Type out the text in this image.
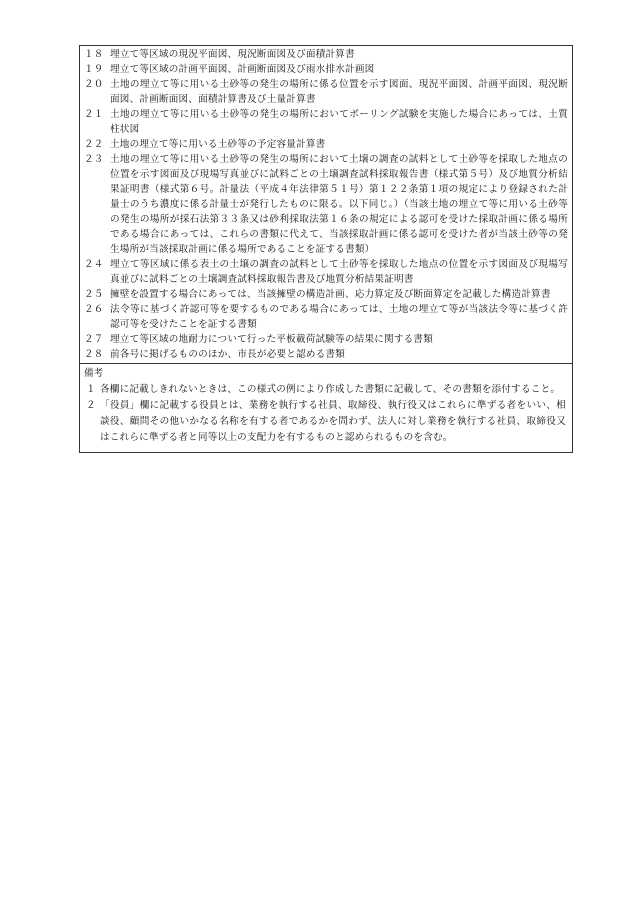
１８ 埋立て等区域の現況平面図、現況断面図及び面積計算書
１９ 埋立て等区域の計画平面図、計画断面図及び雨水排水計画図
２０ 土地の埋立て等に用いる土砂等の発生の場所に係る位置を示す図面、現況平面図、計画平面図、現況断面図、計画断面図、面積計算書及び土量計算書
２１ 土地の埋立て等に用いる土砂等の発生の場所においてボーリング試験を実施した場合にあっては、土質柱状図
２２ 土地の埋立て等に用いる土砂等の予定容量計算書
２３ 土地の埋立て等に用いる土砂等の発生の場所において土壌の調査の試料として土砂等を採取した地点の位置を示す図面及び現場写真並びに試料ごとの土壌調査試料採取報告書（様式第５号）及び地質分析結果証明書（様式第６号。計量法（平成４年法律第５１号）第１２２条第１項の規定により登録された計量士のうち濃度に係る計量士が発行したものに限る。以下同じ。）（当該土地の埋立て等に用いる土砂等の発生の場所が採石法第３３条又は砂利採取法第１６条の規定による認可を受けた採取計画に係る場所である場合にあっては、これらの書類に代えて、当該採取計画に係る認可を受けた者が当該土砂等の発生場所が当該採取計画に係る場所であることを証する書類）
２４ 埋立て等区域に係る表土の土壌の調査の試料として土砂等を採取した地点の位置を示す図面及び現場写真並びに試料ごとの土壌調査試料採取報告書及び地質分析結果証明書
２５ 擁壁を設置する場合にあっては、当該擁壁の構造計画、応力算定及び断面算定を記載した構造計算書
２６ 法令等に基づく許認可等を要するものである場合にあっては、土地の埋立て等が当該法令等に基づく許認可等を受けたことを証する書類
２７ 埋立て等区域の地耐力について行った平板載荷試験等の結果に関する書類
２８ 前各号に掲げるもののほか、市長が必要と認める書類
備考
１ 各欄に記載しきれないときは、この様式の例により作成した書類に記載して、その書類を添付すること。
２ 「役員」欄に記載する役員とは、業務を執行する社員、取締役、執行役又はこれらに準ずる者をいい、相談役、顧問その他いかなる名称を有する者であるかを問わず、法人に対し業務を執行する社員、取締役又はこれらに準ずる者と同等以上の支配力を有するものと認められるものを含む。
